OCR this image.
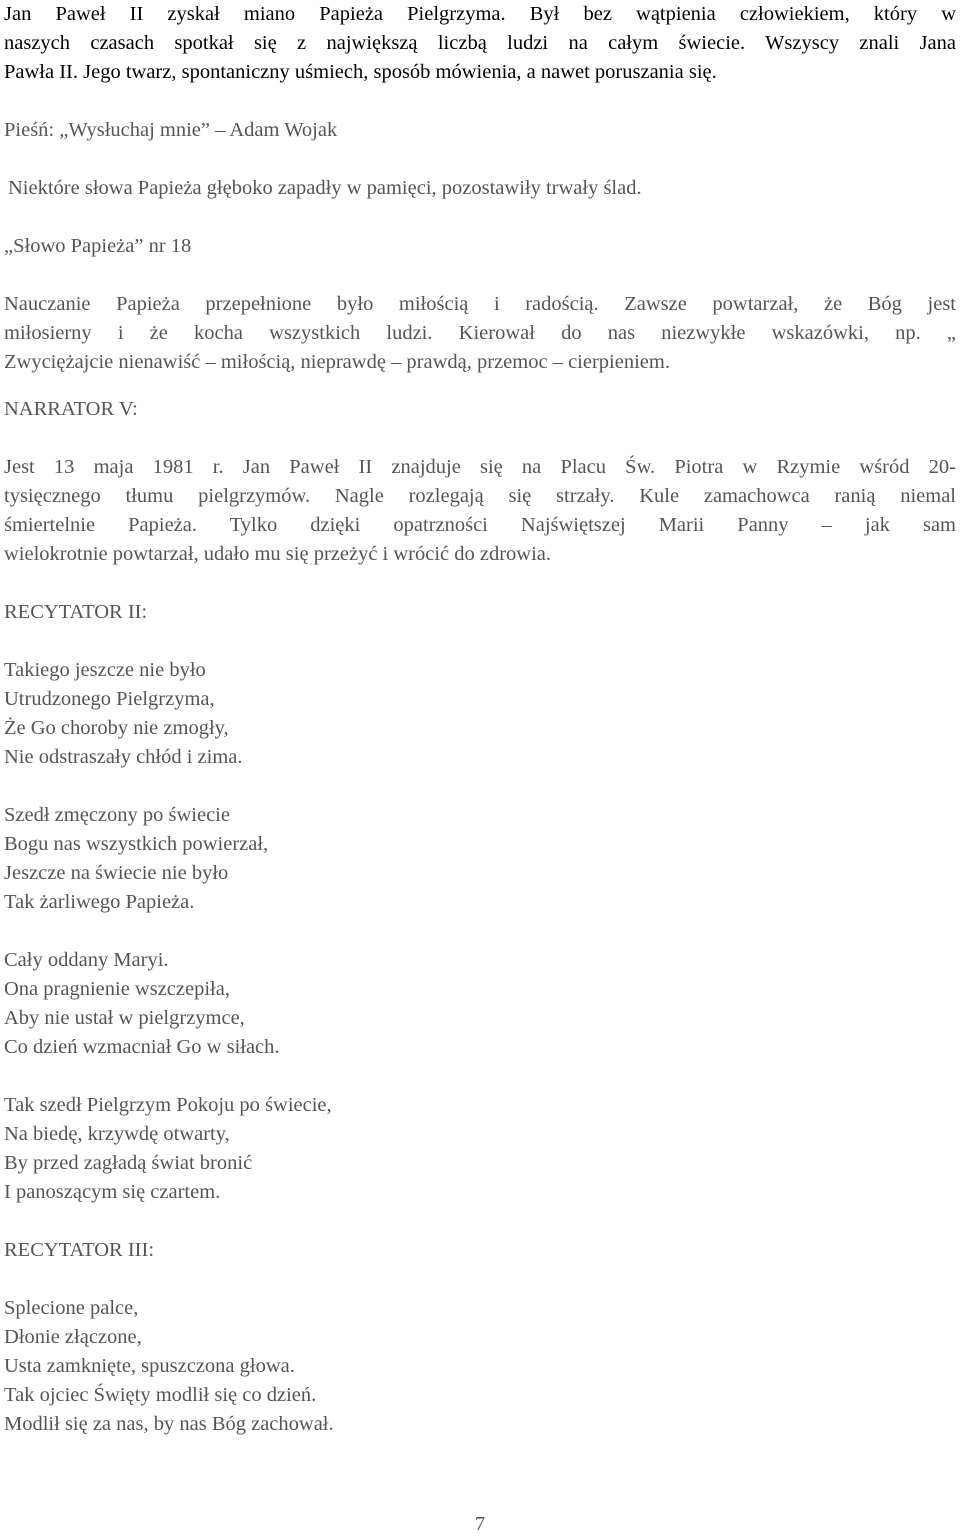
Jan Paweł II zyskał miano Papieża Pielgrzyma. Był bez wątpienia człowiekiem, który w

naszych czasach spotkał się z największą liczbą ludzi na całym świecie. Wszyscy znali Jana

Pawła II. Jego twarz, spontaniczny uśmiech, sposób mówienia, a nawet poruszania się.

Pieśń: „Wysłuchaj mnie” – Adam Wojak

Niektóre słowa Papieża głęboko zapadły w pamięci, pozostawiły trwały ślad.

„Słowo Papieża” nr 18

Nauczanie Papieża przepełnione było miłością i radością. Zawsze powtarzał, że Bóg jest

miłosierny i że kocha wszystkich ludzi. Kierował do nas niezwykłe wskazówki, np. „

Zwyciężajcie nienawiść – miłością, nieprawdę – prawdą, przemoc – cierpieniem.

NARRATOR V:

Jest 13 maja 1981 r. Jan Paweł II znajduje się na Placu Św. Piotra w Rzymie wśród 20-

tysięcznego tłumu pielgrzymów. Nagle rozlegają się strzały. Kule zamachowca ranią niemal

śmiertelnie Papieża. Tylko dzięki opatrzności Najświętszej Marii Panny – jak sam

wielokrotnie powtarzał, udało mu się przeżyć i wrócić do zdrowia.

RECYTATOR II:

Takiego jeszcze nie było

Utrudzonego Pielgrzyma,

Że Go choroby nie zmogły,

Nie odstraszały chłód i zima.

Szedł zmęczony po świecie

Bogu nas wszystkich powierzał,

Jeszcze na świecie nie było

Tak żarliwego Papieża.

Cały oddany Maryi.

Ona pragnienie wszczepiła,

Aby nie ustał w pielgrzymce,

Co dzień wzmacniał Go w siłach.

Tak szedł Pielgrzym Pokoju po świecie,

Na biedę, krzywdę otwarty,

By przed zagładą świat bronić

I panoszącym się czartem.

RECYTATOR III:

Splecione palce,

Dłonie złączone,

Usta zamknięte, spuszczona głowa.

Tak ojciec Święty modlił się co dzień.

Modlił się za nas, by nas Bóg zachował.

7
